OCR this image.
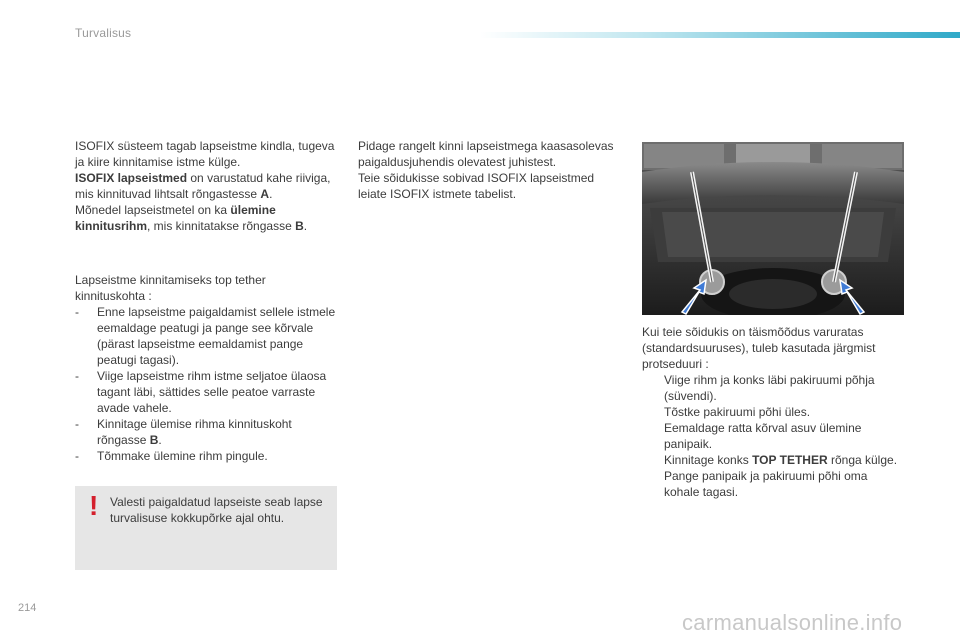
Turvalisus

ISOFIX süsteem tagab lapseistme kindla, tugeva ja kiire kinnitamise istme külge.
ISOFIX lapseistmed on varustatud kahe riiviga, mis kinnituvad lihtsalt rõngastesse A.
Mõnedel lapseistmetel on ka ülemine kinnitusrihm, mis kinnitatakse rõngasse B.

Lapseistme kinnitamiseks top tether kinnituskohta :

- Enne lapseistme paigaldamist sellele istmele eemaldage peatugi ja pange see kõrvale (pärast lapseistme eemaldamist pange peatugi tagasi).
- Viige lapseistme rihm istme seljatoe ülaosa tagant läbi, sättides selle peatoe varraste avade vahele.
- Kinnitage ülemise rihma kinnituskoht rõngasse B.
- Tõmmake ülemine rihm pingule.
! Valesti paigaldatud lapseiste seab lapse turvalisuse kokkupõrke ajal ohtu.

Pidage rangelt kinni lapseistmega kaasasolevas paigaldusjuhendis olevatest juhistest.

Teie sõidukisse sobivad ISOFIX lapseistmed leiate ISOFIX istmete tabelist.

Kui teie sõidukis on täismõõdus varuratas (standardsuuruses), tuleb kasutada järgmist protseduuri :

Viige rihm ja konks läbi pakiruumi põhja (süvendi).
Tõstke pakiruumi põhi üles.
Eemaldage ratta kõrval asuv ülemine panipaik.
Kinnitage konks TOP TETHER rõnga külge.
Pange panipaik ja pakiruumi põhi oma kohale tagasi.
214
carmanualsonline.info
